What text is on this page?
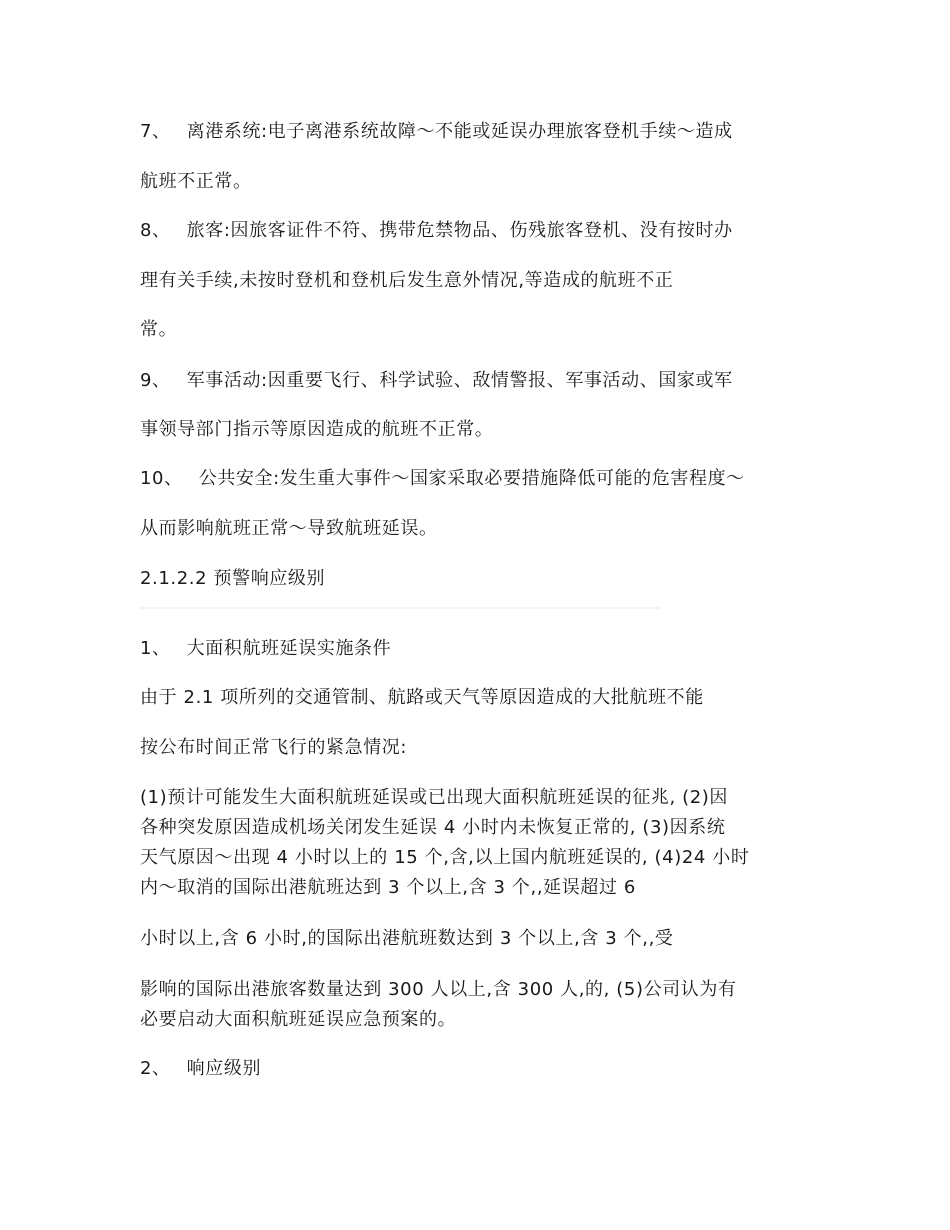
7、 离港系统:电子离港系统故障～不能或延误办理旅客登机手续～造成
航班不正常。
8、 旅客:因旅客证件不符、携带危禁物品、伤残旅客登机、没有按时办
理有关手续,未按时登机和登机后发生意外情况,等造成的航班不正
常。
9、 军事活动:因重要飞行、科学试验、敌情警报、军事活动、国家或军
事领导部门指示等原因造成的航班不正常。
10、 公共安全:发生重大事件～国家采取必要措施降低可能的危害程度～
从而影响航班正常～导致航班延误。
2.1.2.2 预警响应级别
1、 大面积航班延误实施条件
由于 2.1 项所列的交通管制、航路或天气等原因造成的大批航班不能
按公布时间正常飞行的紧急情况:
(1)预计可能发生大面积航班延误或已出现大面积航班延误的征兆, (2)因
各种突发原因造成机场关闭发生延误 4 小时内未恢复正常的, (3)因系统
天气原因～出现 4 小时以上的 15 个,含,以上国内航班延误的, (4)24 小时
内～取消的国际出港航班达到 3 个以上,含 3 个,,延误超过 6
小时以上,含 6 小时,的国际出港航班数达到 3 个以上,含 3 个,,受
影响的国际出港旅客数量达到 300 人以上,含 300 人,的, (5)公司认为有
必要启动大面积航班延误应急预案的。
2、 响应级别
